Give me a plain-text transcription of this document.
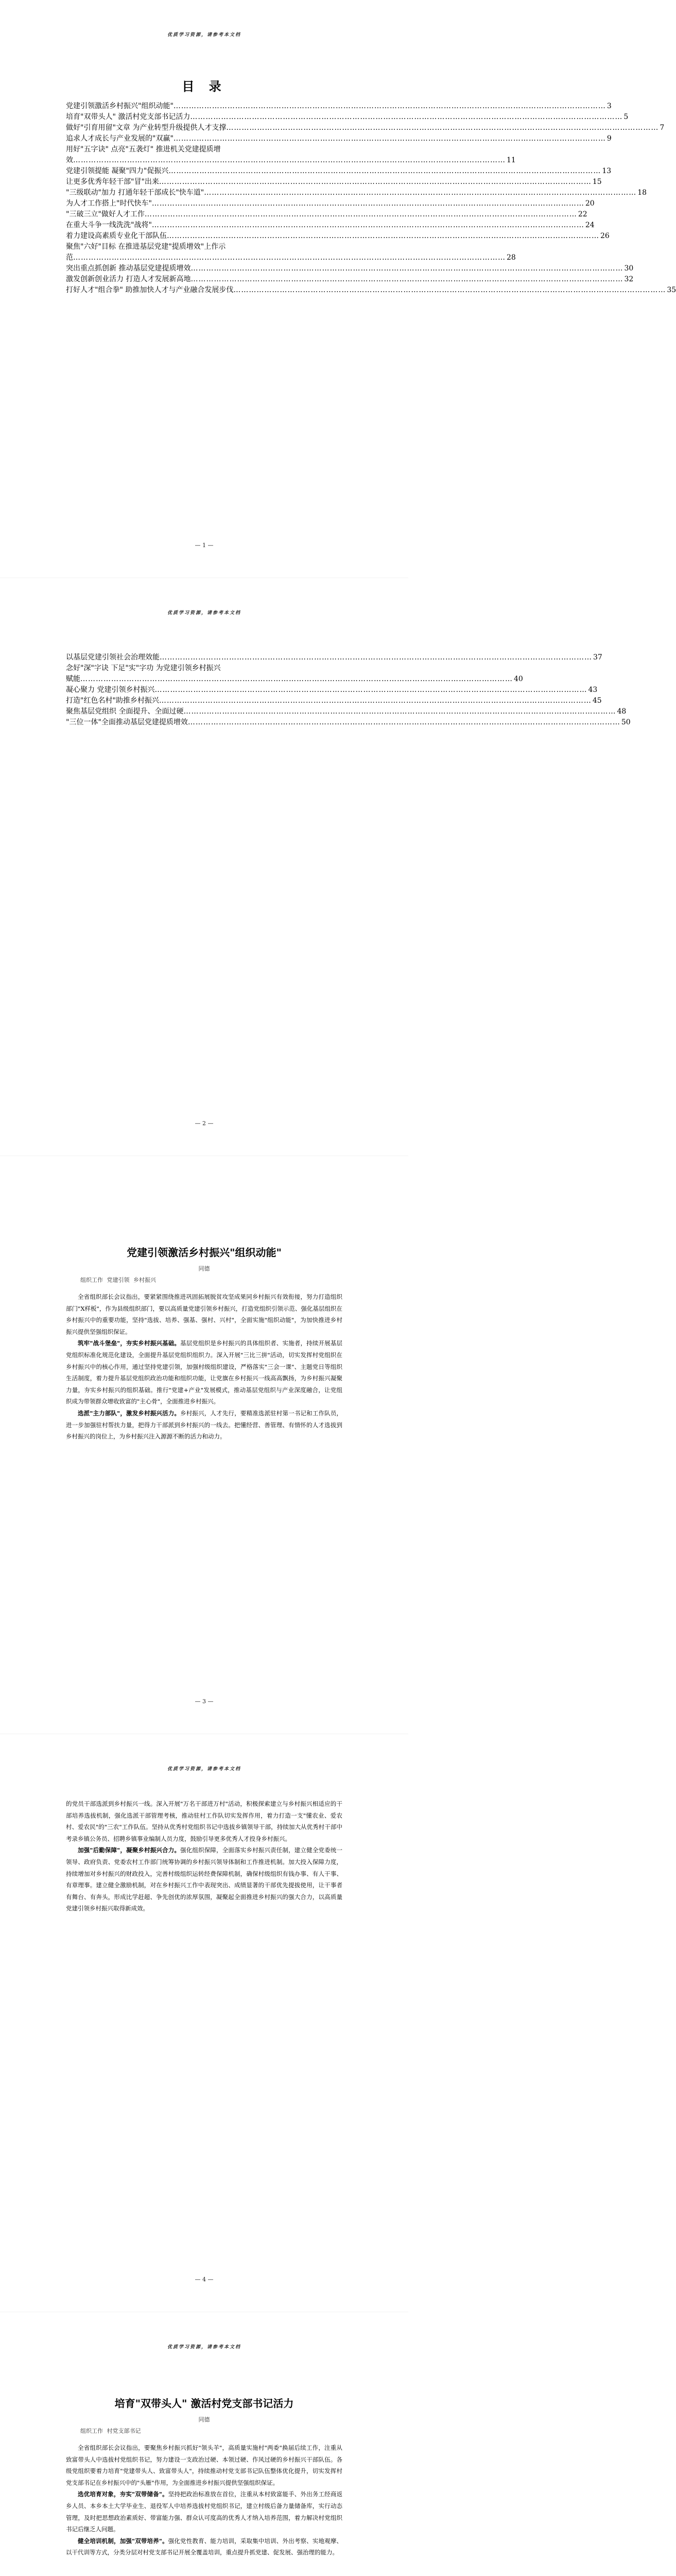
优质学习资源，请参考本文档
目 录
党建引领激活乡村振兴"组织动能" ……………………………………………………………………………………………………………………………………………………	3
培育"双带头人" 激活村党支部书记活力 ……………………………………………………………………………………………………………………………………………………	5
做好"引育用留"文章 为产业转型升级提供人才支撑 ……………………………………………………………………………………………………………………………………………………	7
追求人才成长与产业发展的"双赢" ……………………………………………………………………………………………………………………………………………………	9
用好"五字诀" 点亮"五袭灯" 推进机关党建提质增
效 ……………………………………………………………………………………………………………………………………………………	11
党建引领提能 凝聚"四力"促振兴 ……………………………………………………………………………………………………………………………………………………	13
让更多优秀年轻干部"冒"出来 ……………………………………………………………………………………………………………………………………………………	15
"三级联动"加力 打通年轻干部成长"快车道" ……………………………………………………………………………………………………………………………………………………	18
为人才工作搭上"时代快车" ……………………………………………………………………………………………………………………………………………………	20
"三破三立"做好人才工作 ……………………………………………………………………………………………………………………………………………………	22
在重大斗争一线洗洗"战将" ……………………………………………………………………………………………………………………………………………………	24
着力建设高素质专业化干部队伍 ……………………………………………………………………………………………………………………………………………………	26
聚焦"六好"目标 在推进基层党建"提质增效"上作示
范 ……………………………………………………………………………………………………………………………………………………	28
突出重点抓创新 推动基层党建提质增效 ……………………………………………………………………………………………………………………………………………………	30
激发创新创业活力 打造人才发展新高地 ……………………………………………………………………………………………………………………………………………………	32
打好人才"组合拳" 助推加快人才与产业融合发展步伐 ……………………………………………………………………………………………………………………………………………………	35
— 1 —
优质学习资源，请参考本文档
以基层党建引领社会治理效能 ……………………………………………………………………………………………………………………………………………………	37
念好"深"字诀 下足"实"字功 为党建引领乡村振兴
赋能 ……………………………………………………………………………………………………………………………………………………	40
凝心聚力 党建引领乡村振兴 ……………………………………………………………………………………………………………………………………………………	43
打造"红色名村"助推乡村振兴 ……………………………………………………………………………………………………………………………………………………	45
聚焦基层党组织 全面提升、全面过硬 ……………………………………………………………………………………………………………………………………………………	48
"三位一体"全面推动基层党建提质增效 ……………………………………………………………………………………………………………………………………………………	50
— 2 —
党建引领激活乡村振兴"组织动能"
同德
组织工作 党建引领 乡村振兴

全省组织部长会议指出，要紧紧围绕推进巩固拓展脱贫攻坚成果同乡村振兴有效衔接，努力打造组织部门"X样板"，作为县级组织部门，要以高质量党建引领乡村振兴，打造党组织引领示范、强化基层组织在乡村振兴中的重要功能，坚持"选拔、培养、强基、强村、兴村"，全面实施"组织动能"，为加快推进乡村振兴提供坚强组织保证。

筑牢"战斗堡垒"，夯实乡村振兴基础。基层党组织是乡村振兴的具体组织者、实施者，持续开展基层党组织标准化规范化建设，全面提升基层党组织组织力。深入开展"三比三拼"活动，切实发挥村党组织在乡村振兴中的核心作用，通过坚持党建引领，加强村级组织建设，严格落实"三会一课"、主题党日等组织生活制度，着力提升基层党组织政治功能和组织功能，让党旗在乡村振兴一线高高飘扬，为乡村振兴凝聚力量，夯实乡村振兴的组织基础。推行"党建+产业"发展模式，推动基层党组织与产业深度融合，让党组织成为带领群众增收致富的"主心骨"，全面推进乡村振兴。

选派"主力部队"，激发乡村振兴活力。乡村振兴，人才先行，要精准选派驻村第一书记和工作队员，进一步加强驻村帮扶力量，把得力干部派到乡村振兴的一线去。把懂经营、善管理、有情怀的人才选拔到乡村振兴的岗位上，为乡村振兴注入源源不断的活力和动力。

— 3 —
优质学习资源，请参考本文档

的党员干部选派到乡村振兴一线。深入开展"万名干部进万村"活动，积极探索建立与乡村振兴相适应的干部培养选拔机制，强化选派干部管理考核，推动驻村工作队切实发挥作用，着力打造一支"懂农业、爱农村、爱农民"的"三农"工作队伍。坚持从优秀村党组织书记中选拔乡镇领导干部，持续加大从优秀村干部中考录乡镇公务员、招聘乡镇事业编制人员力度，鼓励引导更多优秀人才投身乡村振兴。

加强"后勤保障"，凝聚乡村振兴合力。强化组织保障，全面落实乡村振兴责任制，建立健全党委统一领导、政府负责、党委农村工作部门统筹协调的乡村振兴领导体制和工作推进机制。加大投入保障力度，持续增加对乡村振兴的财政投入，完善村级组织运转经费保障机制，确保村级组织有钱办事、有人干事、有章理事。建立健全激励机制，对在乡村振兴工作中表现突出、成绩显著的干部优先提拔使用，让干事者有舞台、有奔头，形成比学赶超、争先创优的浓厚氛围，凝聚起全面推进乡村振兴的强大合力，以高质量党建引领乡村振兴取得新成效。

— 4 —
优质学习资源，请参考本文档
培育"双带头人" 激活村党支部书记活力
同德
组织工作 村党支部书记

全省组织部长会议指出，要聚焦乡村振兴抓好"领头羊"，高质量实施村"两委"换届后续工作，注重从致富带头人中选拔村党组织书记，努力建设一支政治过硬、本领过硬、作风过硬的乡村振兴干部队伍。各级党组织要着力培育"党建带头人、致富带头人"，持续推动村党支部书记队伍整体优化提升，切实发挥村党支部书记在乡村振兴中的"头雁"作用，为全面推进乡村振兴提供坚强组织保证。

选优培育对象，夯实"双带储备"。坚持把政治标准放在首位，注重从本村致富能手、外出务工经商返乡人员、本乡本土大学毕业生、退役军人中培养选拔村党组织书记，建立村级后备力量储备库，实行动态管理，及时把思想政治素质好、带富能力强、群众认可度高的优秀人才纳入培养范围，着力解决村党组织书记后继乏人问题。

健全培训机制，加强"双带培养"。强化党性教育、能力培训，采取集中培训、外出考察、实地观摩、以干代训等方式，分类分层对村党支部书记开展全覆盖培训，重点提升抓党建、促发展、强治理的能力。
